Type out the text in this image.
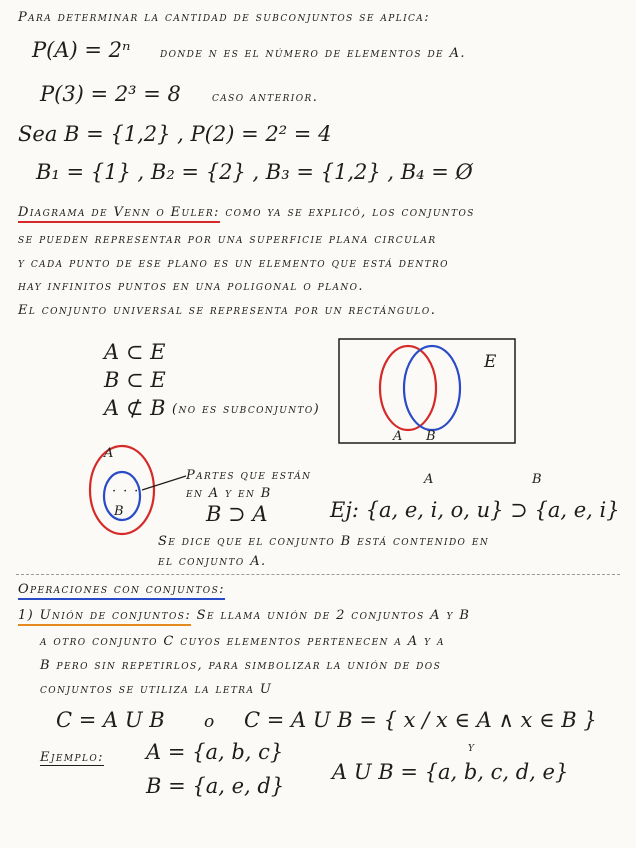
Para determinar la cantidad de subconjuntos se aplica:
P(A) = 2ⁿ donde n es el número de elementos de A.
P(3) = 2³ = 8 caso anterior.
Sea B = {1,2} , P(2) = 2² = 4
B₁ = {1} , B₂ = {2} , B₃ = {1,2} , B₄ = Ø
Diagrama de Venn o Euler: como ya se explicó, los conjuntos
se pueden representar por una superficie plana circular
y cada punto de ese plano es un elemento que está dentro
hay infinitos puntos en una poligonal o plano.
El conjunto universal se representa por un rectángulo.
A ⊂ E
B ⊂ E
A ⊄ B (no es subconjunto)
E
A B
A
B
· · ·
Partes que están
en A y en B
B ⊃ A
A	B
Ej: {a, e, i, o, u} ⊃ {a, e, i}
Se dice que el conjunto B está contenido en
el conjunto A.
Operaciones con conjuntos:
1) Unión de conjuntos: Se llama unión de 2 conjuntos A y B
a otro conjunto C cuyos elementos pertenecen a A y a
B pero sin repetirlos, para simbolizar la unión de dos
conjuntos se utiliza la letra U
C = A U B o C = A U B = { x / x ∈ A ∧ x ∈ B }
y
Ejemplo: A = {a, b, c}
B = {a, e, d}
A U B = {a, b, c, d, e}
